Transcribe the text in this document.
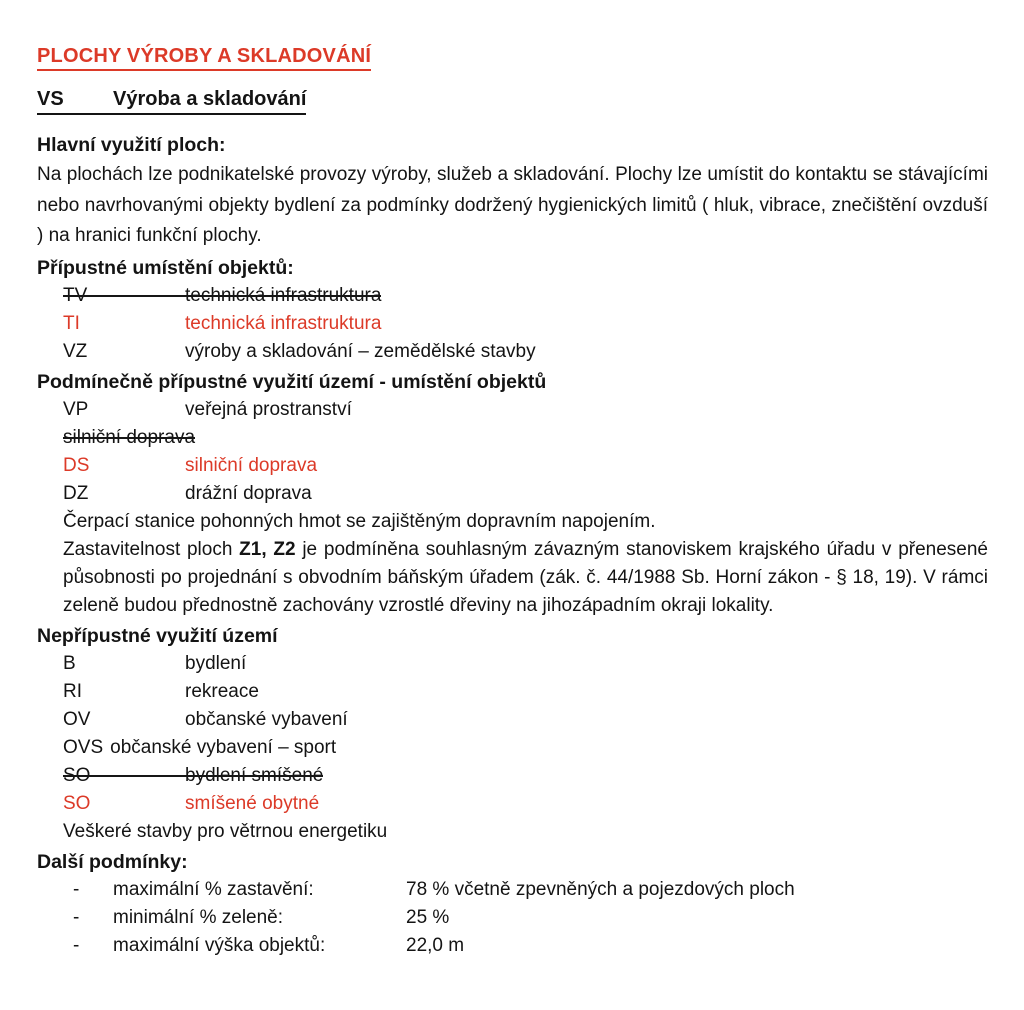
PLOCHY VÝROBY A SKLADOVÁNÍ
VS	Výroba a skladování
Hlavní využití ploch:

Na plochách lze podnikatelské provozy výroby, služeb a skladování. Plochy lze umístit do kontaktu se stávajícími nebo navrhovanými objekty bydlení za podmínky dodržený hygienických limitů ( hluk, vibrace, znečištění ovzduší ) na hranici funkční plochy.

Přípustné umístění objektů:
TV	technická infrastruktura
TI	technická infrastruktura
VZ	výroby a skladování – zemědělské stavby
Podmínečně přípustné využití území - umístění objektů
VP	veřejná prostranství
silniční doprava
DS	silniční doprava
DZ	drážní doprava

Čerpací stanice pohonných hmot se zajištěným dopravním napojením.

Zastavitelnost ploch Z1, Z2 je podmíněna souhlasným závazným stanoviskem krajského úřadu v přenesené působnosti po projednání s obvodním báňským úřadem (zák. č. 44/1988 Sb. Horní zákon - § 18, 19). V rámci zeleně budou přednostně zachovány vzrostlé dřeviny na jihozápadním okraji lokality.

Nepřípustné využití území
B	bydlení
RI	rekreace
OV	občanské vybavení
OVS občanské vybavení – sport
SO	bydlení smíšené
SO	smíšené obytné

Veškeré stavby pro větrnou energetiku

Další podmínky:
-	maximální % zastavění:	78 % včetně zpevněných a pojezdových ploch
-	minimální % zeleně:	25 %
-	maximální výška objektů:	22,0 m
